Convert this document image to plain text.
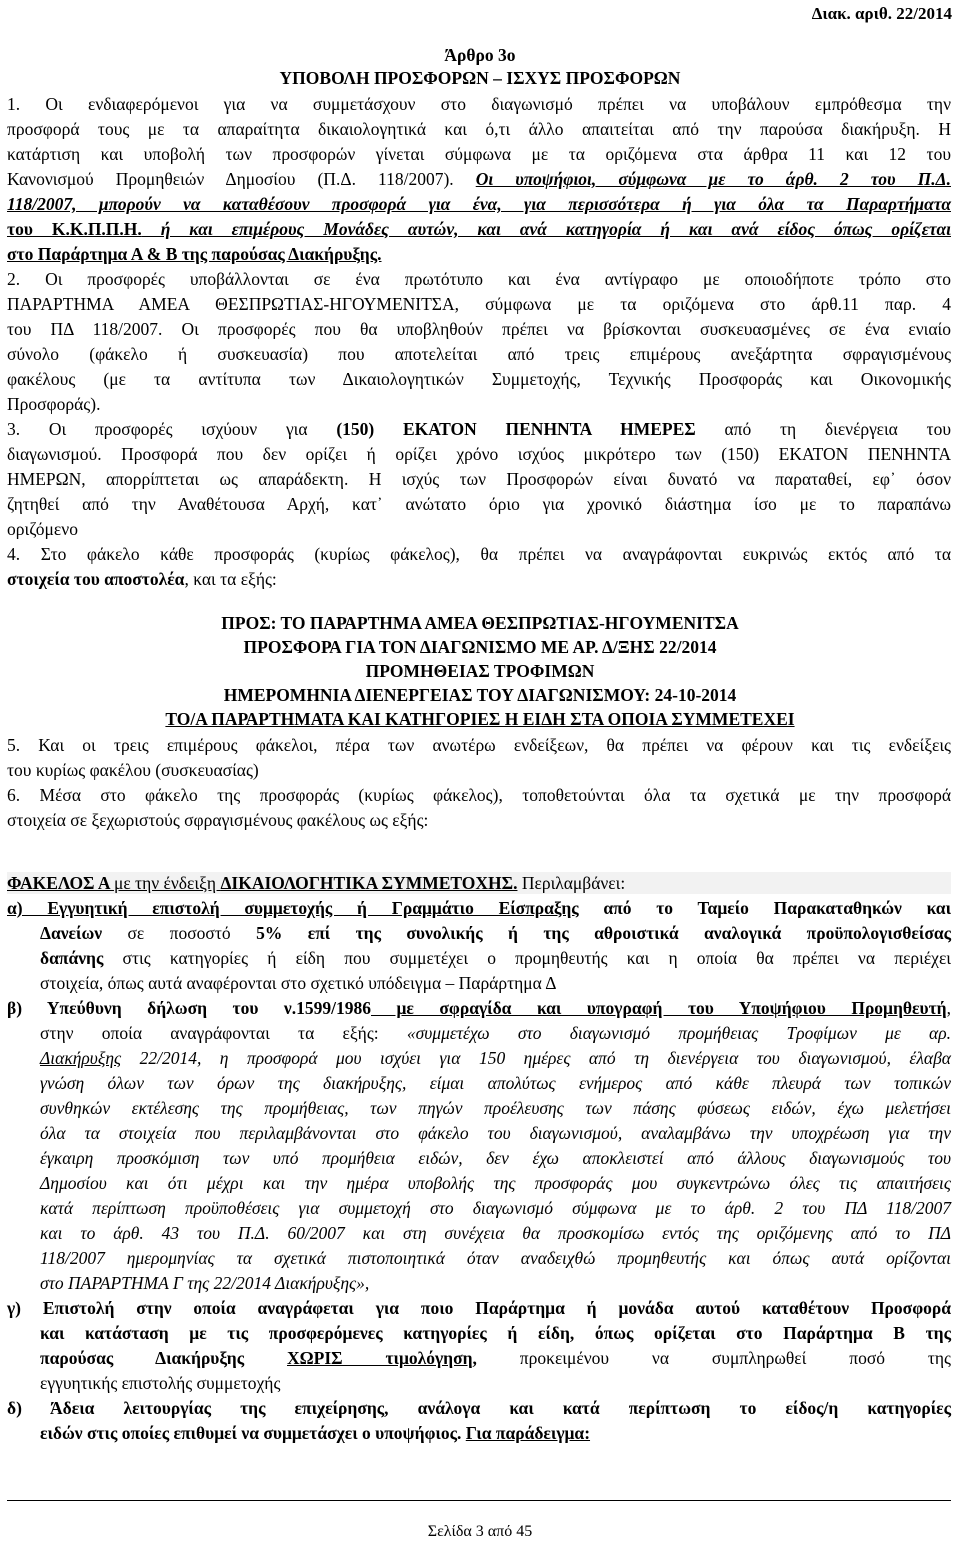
Διακ. αριθ. 22/2014
Άρθρο 3ο
ΥΠΟΒΟΛΗ ΠΡΟΣΦΟΡΩΝ – ΙΣΧΥΣ ΠΡΟΣΦΟΡΩΝ
1. Οι ενδιαφερόμενοι για να συμμετάσχουν στο διαγωνισμό πρέπει να υποβάλουν εμπρόθεσμα την
προσφορά τους με τα απαραίτητα δικαιολογητικά και ό,τι άλλο απαιτείται από την παρούσα διακήρυξη. Η
κατάρτιση και υποβολή των προσφορών γίνεται σύμφωνα με τα οριζόμενα στα άρθρα 11 και 12 του
Κανονισμού Προμηθειών Δημοσίου (Π.Δ. 118/2007). Οι υποψήφιοι, σύμφωνα με το άρθ. 2 του Π.Δ.
118/2007, μπορούν να καταθέσουν προσφορά για ένα, για περισσότερα ή για όλα τα Παραρτήματα
του Κ.Κ.Π.Π.Η. ή και επιμέρους Μονάδες αυτών, και ανά κατηγορία ή και ανά είδος όπως ορίζεται
στο Παράρτημα Α & Β της παρούσας Διακήρυξης.
2. Οι προσφορές υποβάλλονται σε ένα πρωτότυπο και ένα αντίγραφο με οποιοδήποτε τρόπο στο
ΠΑΡΑΡΤΗΜΑ ΑΜΕΑ ΘΕΣΠΡΩΤΙΑΣ-ΗΓΟΥΜΕΝΙΤΣΑ, σύμφωνα με τα οριζόμενα στο άρθ.11 παρ. 4
του ΠΔ 118/2007. Οι προσφορές που θα υποβληθούν πρέπει να βρίσκονται συσκευασμένες σε ένα ενιαίο
σύνολο (φάκελο ή συσκευασία) που αποτελείται από τρεις επιμέρους ανεξάρτητα σφραγισμένους
φακέλους (με τα αντίτυπα των Δικαιολογητικών Συμμετοχής, Τεχνικής Προσφοράς και Οικονομικής
Προσφοράς).
3. Οι προσφορές ισχύουν για (150) ΕΚΑΤΟΝ ΠΕΝΗΝΤΑ ΗΜΕΡΕΣ από τη διενέργεια του
διαγωνισμού. Προσφορά που δεν ορίζει ή ορίζει χρόνο ισχύος μικρότερο των (150) ΕΚΑΤΟΝ ΠΕΝΗΝΤΑ
ΗΜΕΡΩΝ, απορρίπτεται ως απαράδεκτη. Η ισχύς των Προσφορών είναι δυνατό να παραταθεί, εφ᾽ όσον
ζητηθεί από την Αναθέτουσα Αρχή, κατ᾽ ανώτατο όριο για χρονικό διάστημα ίσο με το παραπάνω
οριζόμενο
4. Στο φάκελο κάθε προσφοράς (κυρίως φάκελος), θα πρέπει να αναγράφονται ευκρινώς εκτός από τα
στοιχεία του αποστολέα, και τα εξής:
ΠΡΟΣ: ΤΟ ΠΑΡΑΡΤΗΜΑ ΑΜΕΑ ΘΕΣΠΡΩΤΙΑΣ-ΗΓΟΥΜΕΝΙΤΣΑ
ΠΡΟΣΦΟΡΑ ΓΙΑ ΤΟΝ ΔΙΑΓΩΝΙΣΜΟ ΜΕ ΑΡ. Δ/ΞΗΣ 22/2014
ΠΡΟΜΗΘΕΙΑΣ ΤΡΟΦΙΜΩΝ
ΗΜΕΡΟΜΗΝΙΑ ΔΙΕΝΕΡΓΕΙΑΣ ΤΟΥ ΔΙΑΓΩΝΙΣΜΟΥ: 24-10-2014
ΤΟ/Α ΠΑΡΑΡΤΗΜΑΤΑ ΚΑΙ ΚΑΤΗΓΟΡΙΕΣ Η ΕΙΔΗ ΣΤΑ ΟΠΟΙΑ ΣΥΜΜΕΤΕΧΕΙ
5. Και οι τρεις επιμέρους φάκελοι, πέρα των ανωτέρω ενδείξεων, θα πρέπει να φέρουν και τις ενδείξεις
του κυρίως φακέλου (συσκευασίας)
6. Μέσα στο φάκελο της προσφοράς (κυρίως φάκελος), τοποθετούνται όλα τα σχετικά με την προσφορά
στοιχεία σε ξεχωριστούς σφραγισμένους φακέλους ως εξής:
ΦΑΚΕΛΟΣ Α με την ένδειξη ΔΙΚΑΙΟΛΟΓΗΤΙΚΑ ΣΥΜΜΕΤΟΧΗΣ. Περιλαμβάνει:
α) Εγγυητική επιστολή συμμετοχής ή Γραμμάτιο Είσπραξης από το Ταμείο Παρακαταθηκών και
Δανείων σε ποσοστό 5% επί της συνολικής ή της αθροιστικά αναλογικά προϋπολογισθείσας
δαπάνης στις κατηγορίες ή είδη που συμμετέχει ο προμηθευτής και η οποία θα πρέπει να περιέχει
στοιχεία, όπως αυτά αναφέρονται στο σχετικό υπόδειγμα – Παράρτημα Δ
β) Υπεύθυνη δήλωση του ν.1599/1986 με σφραγίδα και υπογραφή του Υποψήφιου Προμηθευτή,
στην οποία αναγράφονται τα εξής: «συμμετέχω στο διαγωνισμό προμήθειας Τροφίμων με αρ.
Διακήρυξης 22/2014, η προσφορά μου ισχύει για 150 ημέρες από τη διενέργεια του διαγωνισμού, έλαβα
γνώση όλων των όρων της διακήρυξης, είμαι απολύτως ενήμερος από κάθε πλευρά των τοπικών
συνθηκών εκτέλεσης της προμήθειας, των πηγών προέλευσης των πάσης φύσεως ειδών, έχω μελετήσει
όλα τα στοιχεία που περιλαμβάνονται στο φάκελο του διαγωνισμού, αναλαμβάνω την υποχρέωση για την
έγκαιρη προσκόμιση των υπό προμήθεια ειδών, δεν έχω αποκλειστεί από άλλους διαγωνισμούς του
Δημοσίου και ότι μέχρι και την ημέρα υποβολής της προσφοράς μου συγκεντρώνω όλες τις απαιτήσεις
κατά περίπτωση προϋποθέσεις για συμμετοχή στο διαγωνισμό σύμφωνα με το άρθ. 2 του ΠΔ 118/2007
και το άρθ. 43 του Π.Δ. 60/2007 και στη συνέχεια θα προσκομίσω εντός της οριζόμενης από το ΠΔ
118/2007 ημερομηνίας τα σχετικά πιστοποιητικά όταν αναδειχθώ προμηθευτής και όπως αυτά ορίζονται
στο ΠΑΡΑΡΤΗΜΑ Γ της 22/2014 Διακήρυξης»,
γ) Επιστολή στην οποία αναγράφεται για ποιο Παράρτημα ή μονάδα αυτού καταθέτουν Προσφορά
και κατάσταση με τις προσφερόμενες κατηγορίες ή είδη, όπως ορίζεται στο Παράρτημα Β της
παρούσας Διακήρυξης ΧΩΡΙΣ τιμολόγηση, προκειμένου να συμπληρωθεί ποσό της
εγγυητικής επιστολής συμμετοχής
δ) Άδεια λειτουργίας της επιχείρησης, ανάλογα και κατά περίπτωση το είδος/η κατηγορίες
ειδών στις οποίες επιθυμεί να συμμετάσχει ο υποψήφιος. Για παράδειγμα:
Σελίδα 3 από 45
